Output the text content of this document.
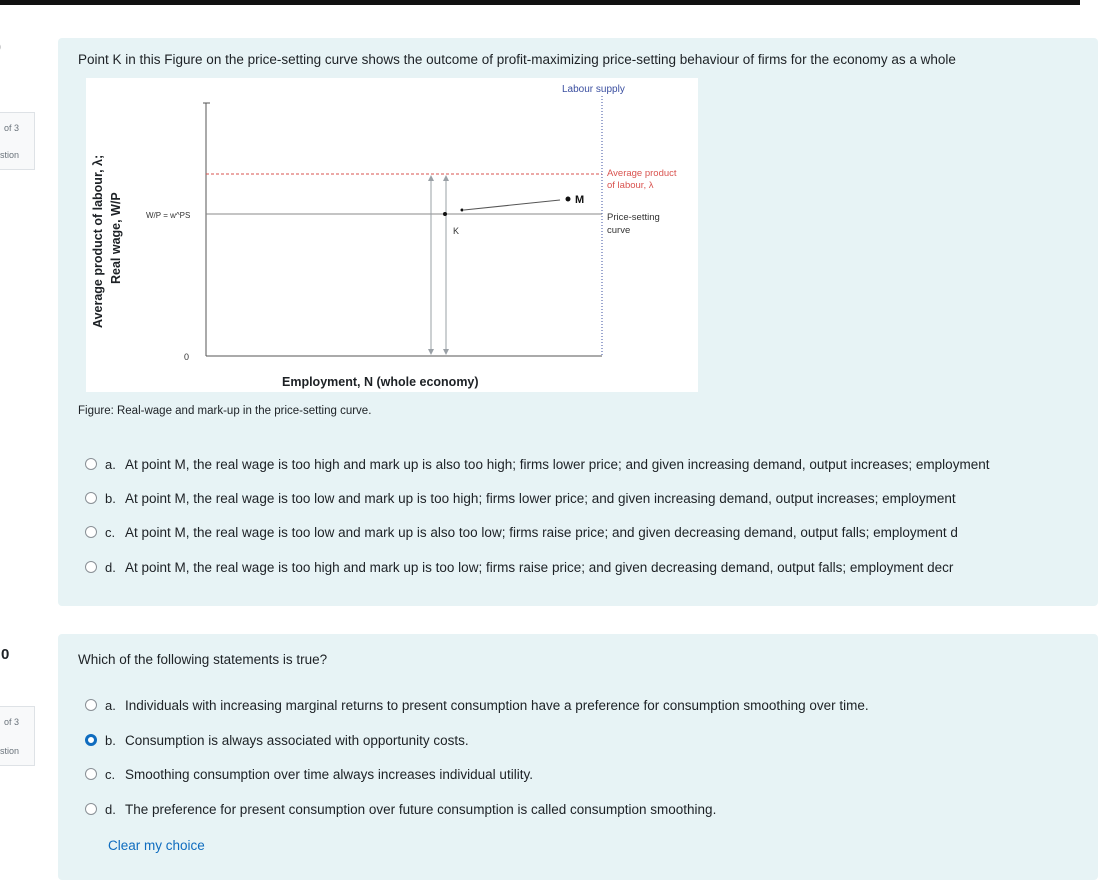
of 3
stion
Point K in this Figure on the price-setting curve shows the outcome of profit-maximizing price-setting behaviour of firms for the economy as a whole
Labour supply
Average product
of labour, λ
Price-setting
curve
W/P = w^PS
0
M
K
Employment, N (whole economy)
Average product of labour, λ; Real wage, W/P
Figure: Real-wage and mark-up in the price-setting curve.
a. At point M, the real wage is too high and mark up is also too high; firms lower price; and given increasing demand, output increases; employment
b. At point M, the real wage is too low and mark up is too high; firms lower price; and given increasing demand, output increases; employment
c. At point M, the real wage is too low and mark up is also too low; firms raise price; and given decreasing demand, output falls; employment d
d. At point M, the real wage is too high and mark up is too low; firms raise price; and given decreasing demand, output falls; employment decr
0
of 3
stion
Which of the following statements is true?
a. Individuals with increasing marginal returns to present consumption have a preference for consumption smoothing over time.
b. Consumption is always associated with opportunity costs.
c. Smoothing consumption over time always increases individual utility.
d. The preference for present consumption over future consumption is called consumption smoothing.
Clear my choice
